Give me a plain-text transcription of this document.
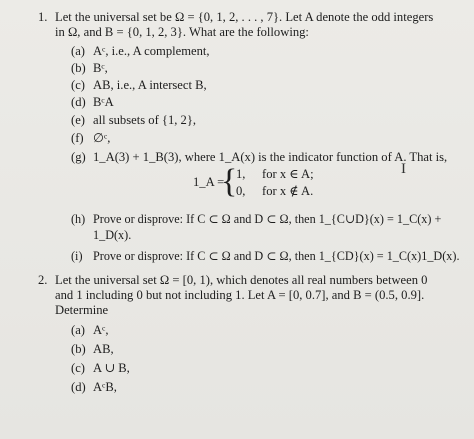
1. Let the universal set be Ω = {0, 1, 2, . . . , 7}. Let A denote the odd integers
in Ω, and B = {0, 1, 2, 3}. What are the following:
(a) Aᶜ, i.e., A complement,
(b) Bᶜ,
(c) AB, i.e., A intersect B,
(d) BᶜA
(e) all subsets of {1, 2},
(f) ∅ᶜ,
(g) 1_A(3) + 1_B(3), where 1_A(x) is the indicator function of A. That is,
1_A =
{
1, for x ∈ A;
0, for x ∉ A.
I
(h) Prove or disprove: If C ⊂ Ω and D ⊂ Ω, then 1_{C∪D}(x) = 1_C(x) +
1_D(x).
(i) Prove or disprove: If C ⊂ Ω and D ⊂ Ω, then 1_{CD}(x) = 1_C(x)1_D(x).
2. Let the universal set Ω = [0, 1), which denotes all real numbers between 0
and 1 including 0 but not including 1. Let A = [0, 0.7], and B = (0.5, 0.9].
Determine
(a) Aᶜ,
(b) AB,
(c) A ∪ B,
(d) AᶜB,
